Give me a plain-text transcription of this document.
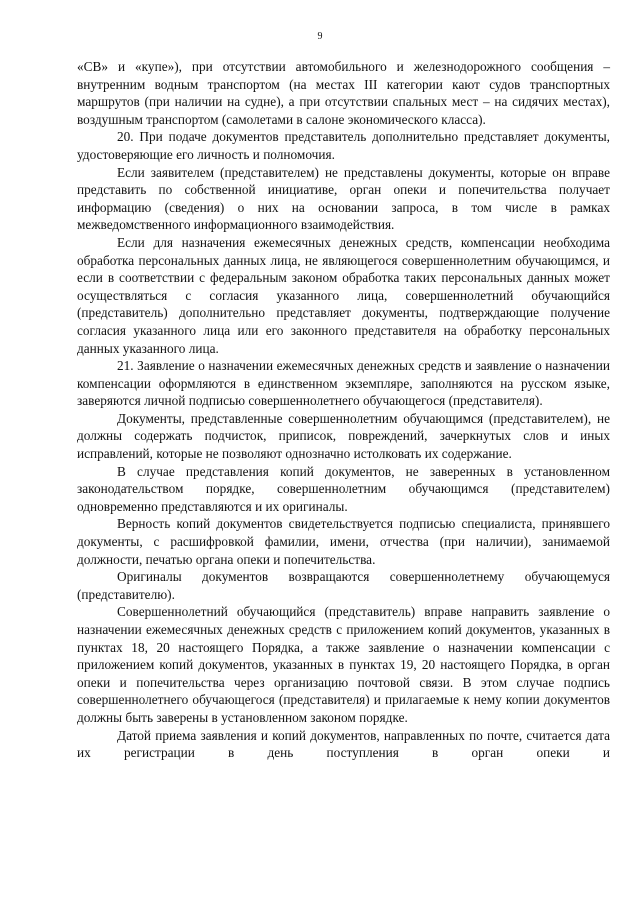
9

«СВ» и «купе»), при отсутствии автомобильного и железнодорожного сообщения – внутренним водным транспортом (на местах III категории кают судов транспортных маршрутов (при наличии на судне), а при отсутствии спальных мест – на сидячих местах), воздушным транспортом (самолетами в салоне экономического класса).

20. При подаче документов представитель дополнительно представляет документы, удостоверяющие его личность и полномочия.

Если заявителем (представителем) не представлены документы, которые он вправе представить по собственной инициативе, орган опеки и попечительства получает информацию (сведения) о них на основании запроса, в том числе в рамках межведомственного информационного взаимодействия.

Если для назначения ежемесячных денежных средств, компенсации необходима обработка персональных данных лица, не являющегося совершеннолетним обучающимся, и если в соответствии с федеральным законом обработка таких персональных данных может осуществляться с согласия указанного лица, совершеннолетний обучающийся (представитель) дополнительно представляет документы, подтверждающие получение согласия указанного лица или его законного представителя на обработку персональных данных указанного лица.

21. Заявление о назначении ежемесячных денежных средств и заявление о назначении компенсации оформляются в единственном экземпляре, заполняются на русском языке, заверяются личной подписью совершеннолетнего обучающегося (представителя).

Документы, представленные совершеннолетним обучающимся (представителем), не должны содержать подчисток, приписок, повреждений, зачеркнутых слов и иных исправлений, которые не позволяют однозначно истолковать их содержание.

В случае представления копий документов, не заверенных в установленном законодательством порядке, совершеннолетним обучающимся (представителем) одновременно представляются и их оригиналы.

Верность копий документов свидетельствуется подписью специалиста, принявшего документы, с расшифровкой фамилии, имени, отчества (при наличии), занимаемой должности, печатью органа опеки и попечительства.

Оригиналы документов возвращаются совершеннолетнему обучающемуся (представителю).

Совершеннолетний обучающийся (представитель) вправе направить заявление о назначении ежемесячных денежных средств с приложением копий документов, указанных в пунктах 18, 20 настоящего Порядка, а также заявление о назначении компенсации с приложением копий документов, указанных в пунктах 19, 20 настоящего Порядка, в орган опеки и попечительства через организацию почтовой связи. В этом случае подпись совершеннолетнего обучающегося (представителя) и прилагаемые к нему копии документов должны быть заверены в установленном законом порядке.

Датой приема заявления и копий документов, направленных по почте, считается дата их регистрации в день поступления в орган опеки и
